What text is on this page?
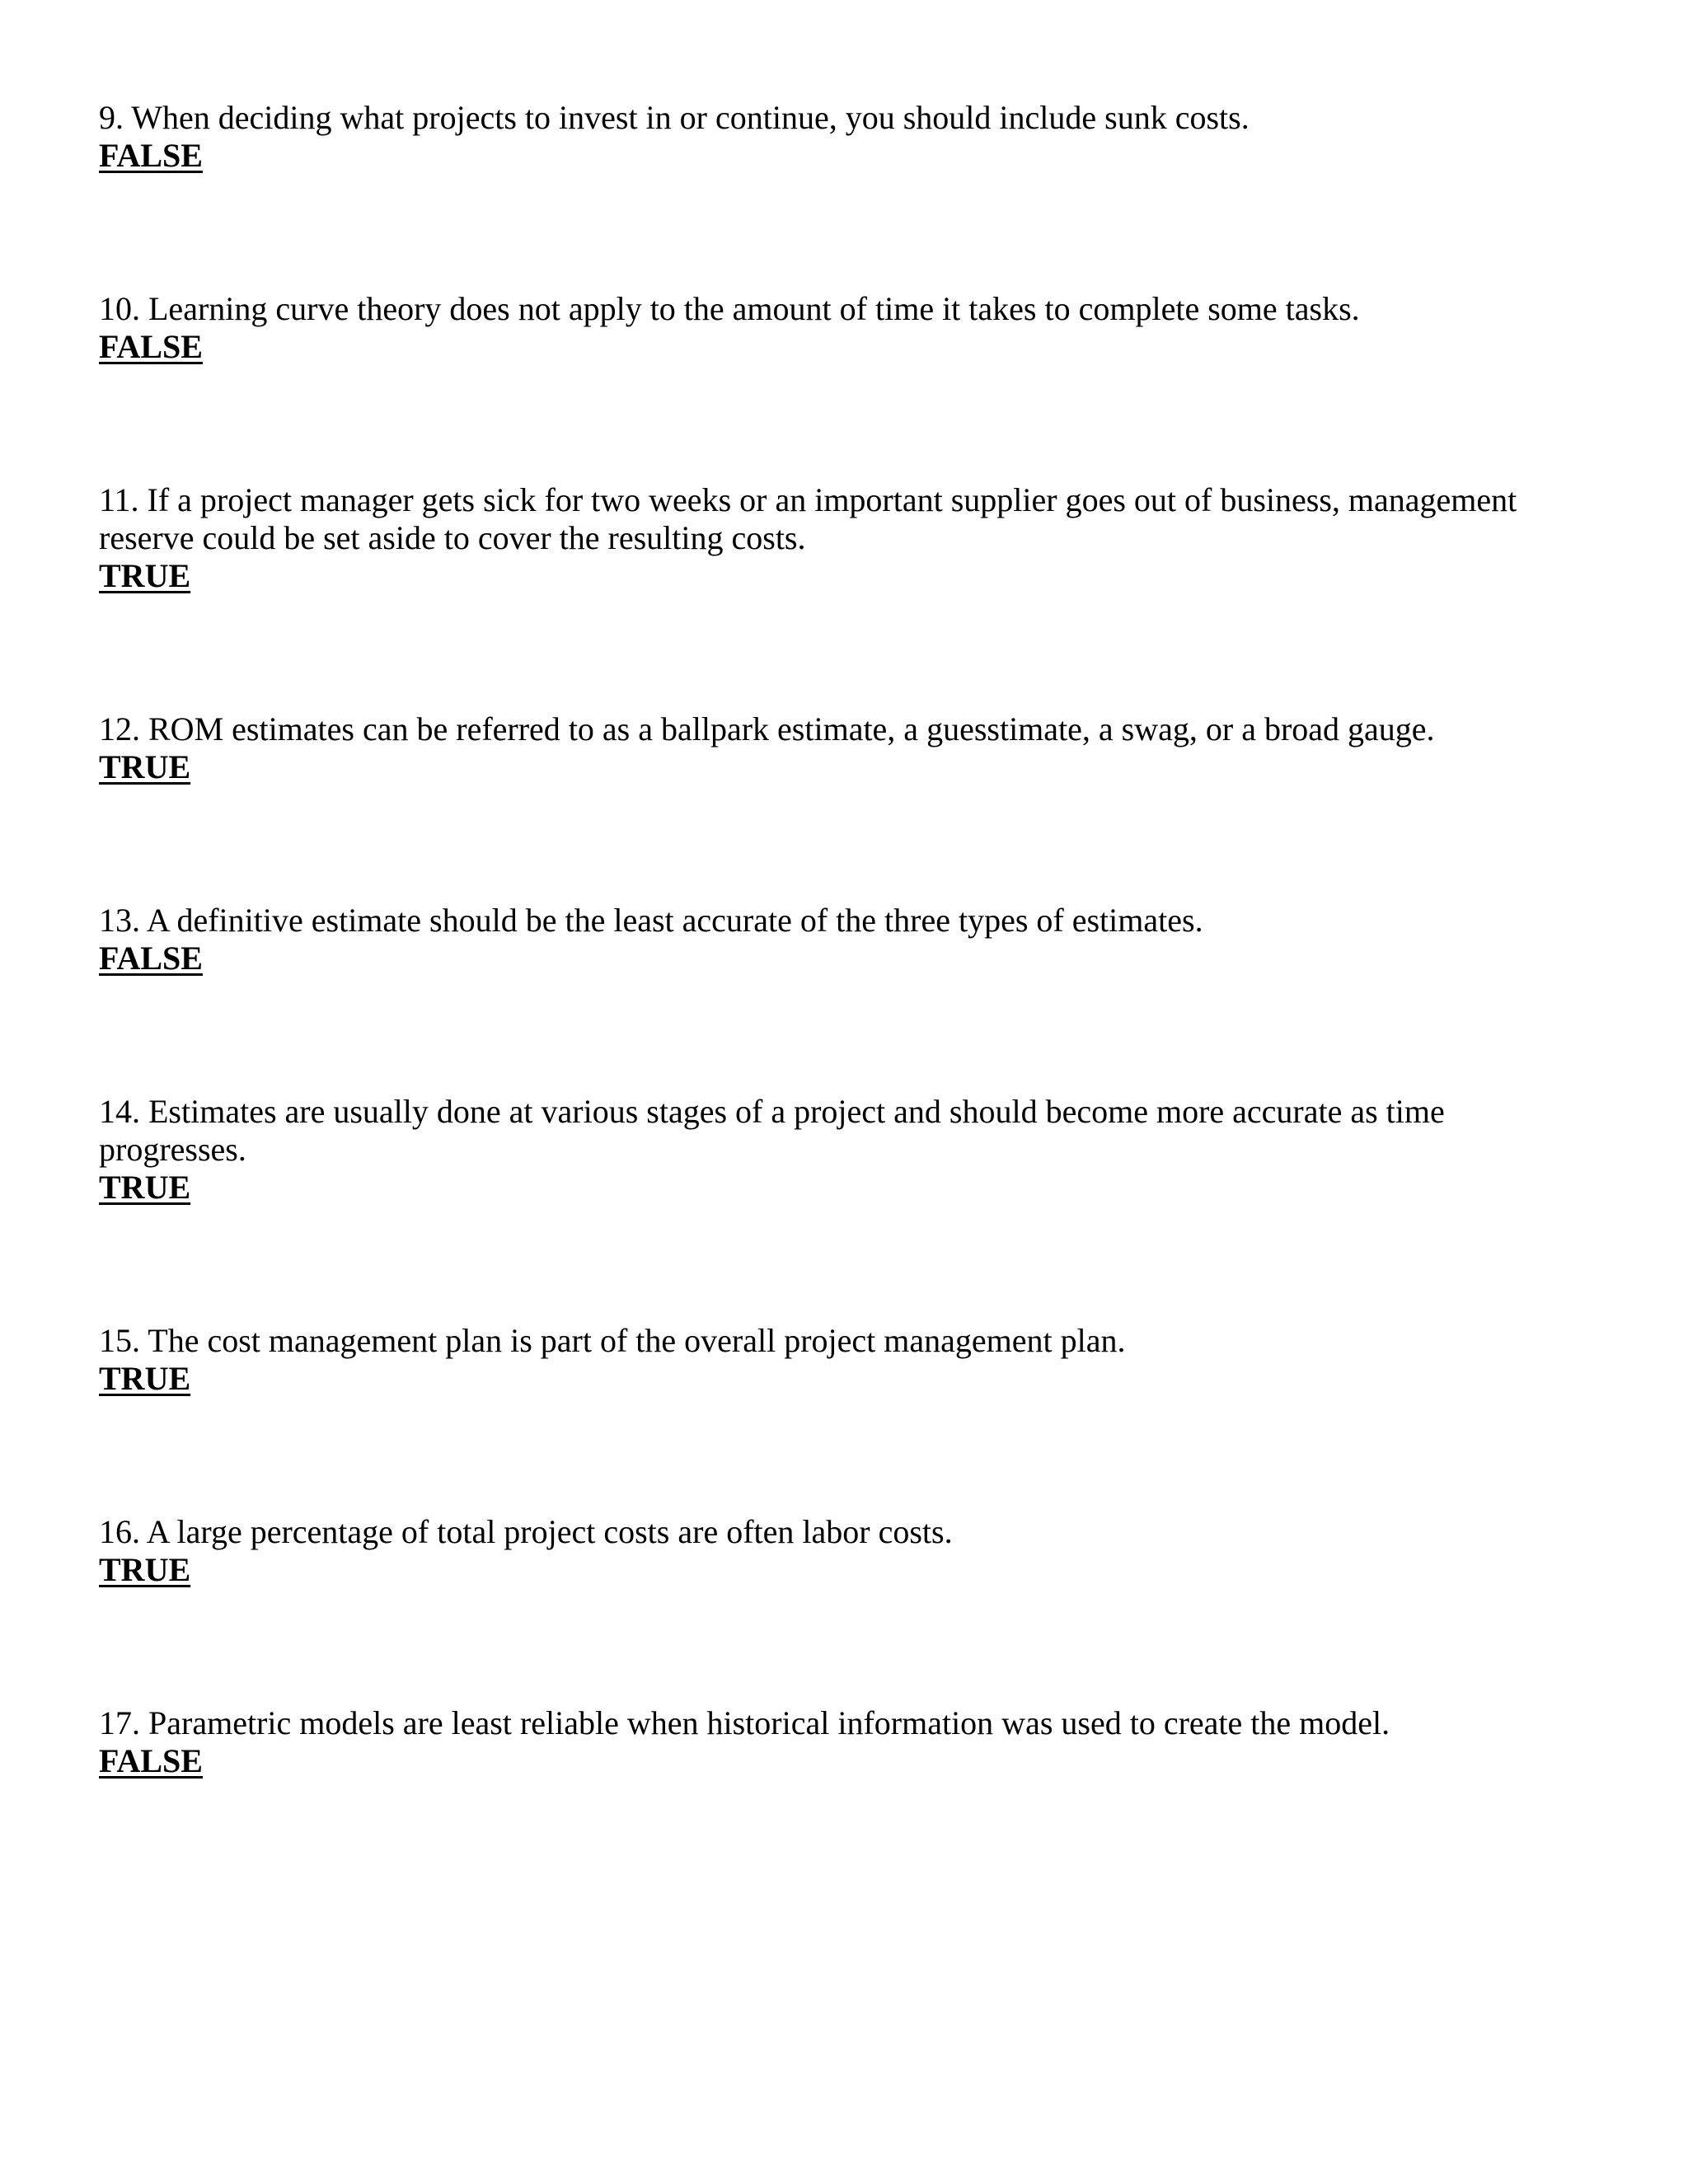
9. When deciding what projects to invest in or continue, you should include sunk costs.

FALSE

10. Learning curve theory does not apply to the amount of time it takes to complete some tasks.

FALSE

11. If a project manager gets sick for two weeks or an important supplier goes out of business, management reserve could be set aside to cover the resulting costs.

TRUE

12. ROM estimates can be referred to as a ballpark estimate, a guesstimate, a swag, or a broad gauge.

TRUE

13. A definitive estimate should be the least accurate of the three types of estimates.

FALSE

14. Estimates are usually done at various stages of a project and should become more accurate as time progresses.

TRUE

15. The cost management plan is part of the overall project management plan.

TRUE

16. A large percentage of total project costs are often labor costs.

TRUE

17. Parametric models are least reliable when historical information was used to create the model.

FALSE
